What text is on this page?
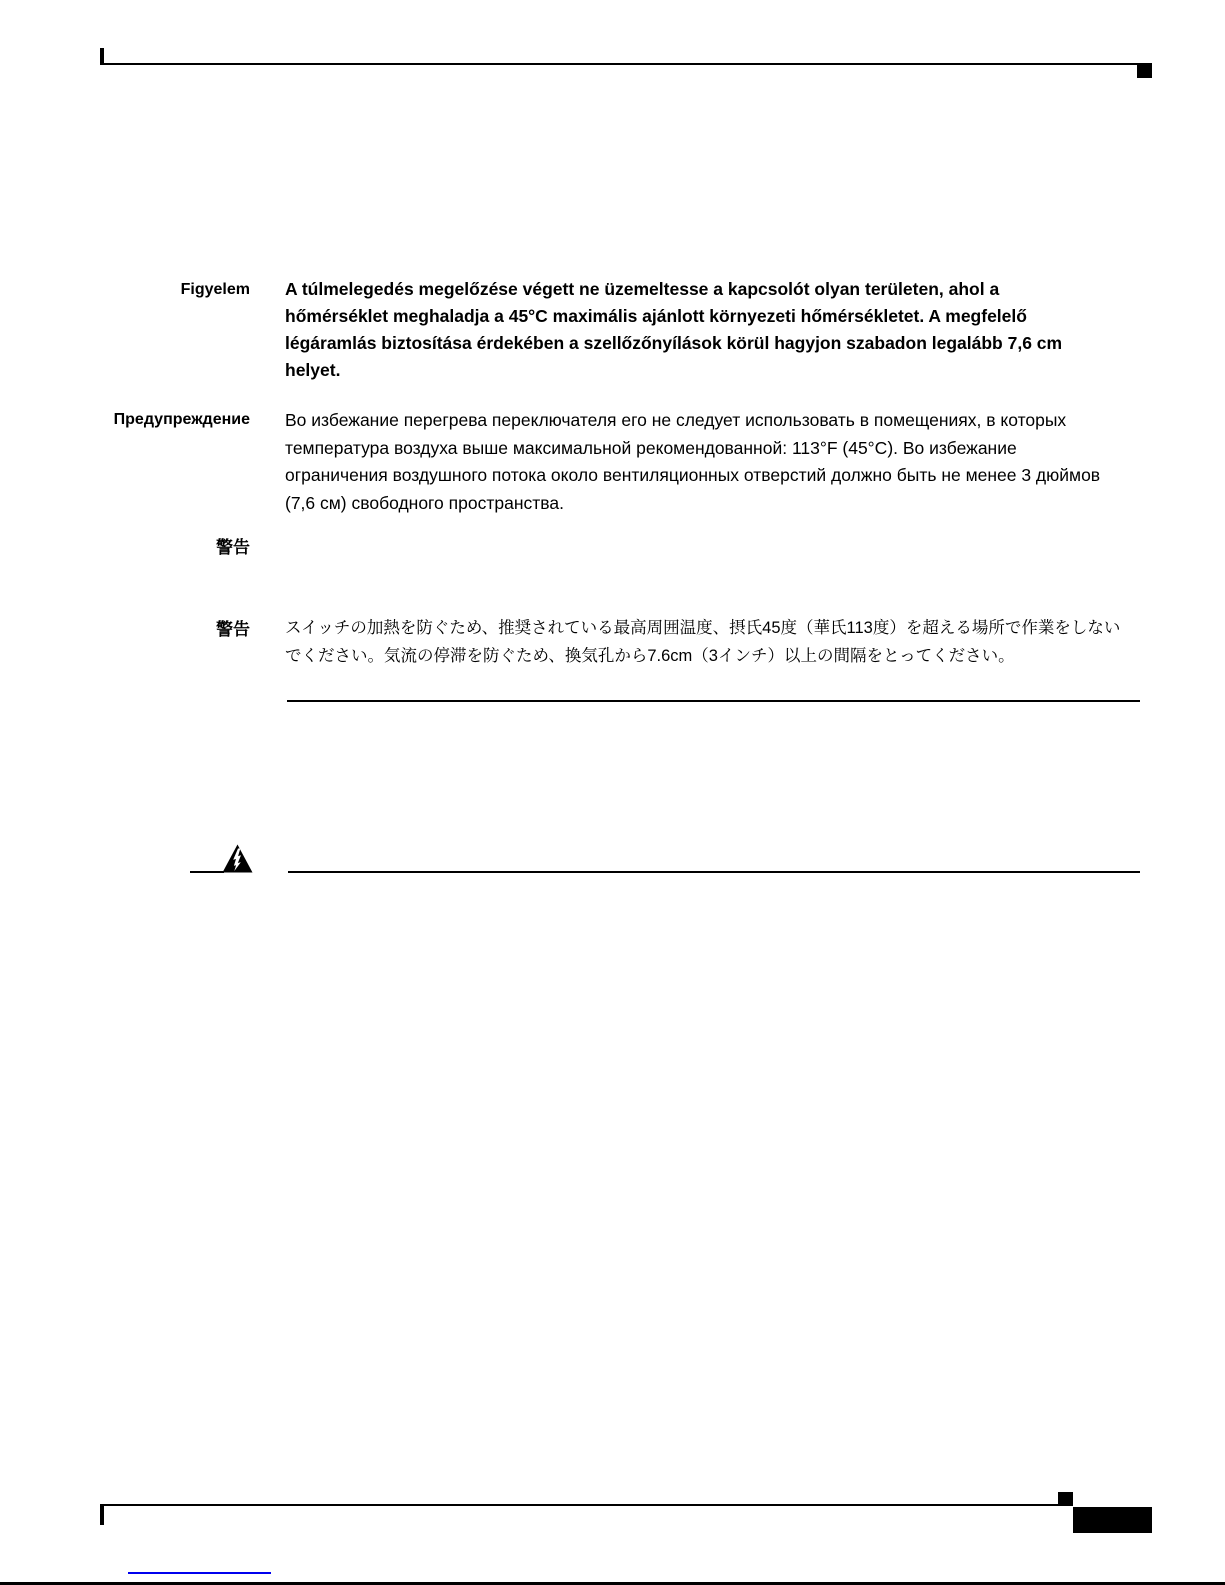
Figyelem A túlmelegedés megelőzése végett ne üzemeltesse a kapcsolót olyan területen, ahol a hőmérséklet meghaladja a 45°C maximális ajánlott környezeti hőmérsékletet. A megfelelő légáramlás biztosítása érdekében a szellőzőnyílások körül hagyjon szabadon legalább 7,6 cm helyet.
Предупреждение Во избежание перегрева переключателя его не следует использовать в помещениях, в которых температура воздуха выше максимальной рекомендованной: 113°F (45°C). Во избежание ограничения воздушного потока около вентиляционных отверстий должно быть не менее 3 дюймов (7,6 см) свободного пространства.
警告
警告 スイッチの加熱を防ぐため、推奨されている最高周囲温度、摂氏45度（華氏113度）を超える場所で作業をしないでください。気流の停滞を防ぐため、換気孔から7.6cm（3インチ）以上の間隔をとってください。
